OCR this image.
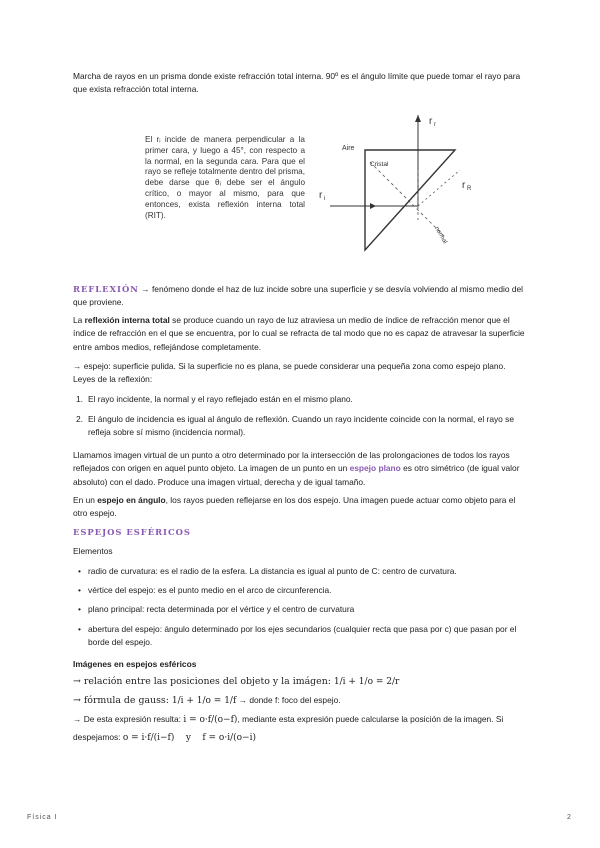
Marcha de rayos en un prisma donde existe refracción total interna. 90º es el ángulo límite que puede tomar el rayo para que exista refracción total interna.

El rᵢ incide de manera perpendicular a la primer cara, y luego a 45°, con respecto a la normal, en la segunda cara. Para que el rayo se refleje totalmente dentro del prisma, debe darse que θᵢ debe ser el ángulo crítico, o mayor al mismo, para que entonces, exista reflexión interna total (RIT).
Aire
Cristal
r r
r i
r R
normal

REFLEXIÓN → fenómeno donde el haz de luz incide sobre una superficie y se desvía volviendo al mismo medio del que proviene.

La reflexión interna total se produce cuando un rayo de luz atraviesa un medio de índice de refracción menor que el índice de refracción en el que se encuentra, por lo cual se refracta de tal modo que no es capaz de atravesar la superficie entre ambos medios, reflejándose completamente.

→ espejo: superficie pulida. Si la superficie no es plana, se puede considerar una pequeña zona como espejo plano. Leyes de la reflexión:

1. El rayo incidente, la normal y el rayo reflejado están en el mismo plano.
2. El ángulo de incidencia es igual al ángulo de reflexión. Cuando un rayo incidente coincide con la normal, el rayo se refleja sobre sí mismo (incidencia normal).

Llamamos imagen virtual de un punto a otro determinado por la intersección de las prolongaciones de todos los rayos reflejados con origen en aquel punto objeto. La imagen de un punto en un espejo plano es otro simétrico (de igual valor absoluto) con el dado. Produce una imagen virtual, derecha y de igual tamaño.

En un espejo en ángulo, los rayos pueden reflejarse en los dos espejo. Una imagen puede actuar como objeto para el otro espejo.

ESPEJOS ESFÉRICOS

Elementos

• radio de curvatura: es el radio de la esfera. La distancia es igual al punto de C: centro de curvatura.
• vértice del espejo: es el punto medio en el arco de circunferencia.
• plano principal: recta determinada por el vértice y el centro de curvatura
• abertura del espejo: ángulo determinado por los ejes secundarios (cualquier recta que pasa por c) que pasan por el borde del espejo.

Imágenes en espejos esféricos

→ relación entre las posiciones del objeto y la imágen: 1/i + 1/o = 2/r

→ fórmula de gauss: 1/i + 1/o = 1/f → donde f: foco del espejo.

→ De esta expresión resulta: i = o·f/(o−f), mediante esta expresión puede calcularse la posición de la imagen. Si

despejamos: o = i·f/(i−f)    y    f = o·i/(o−i)

Física I	2
